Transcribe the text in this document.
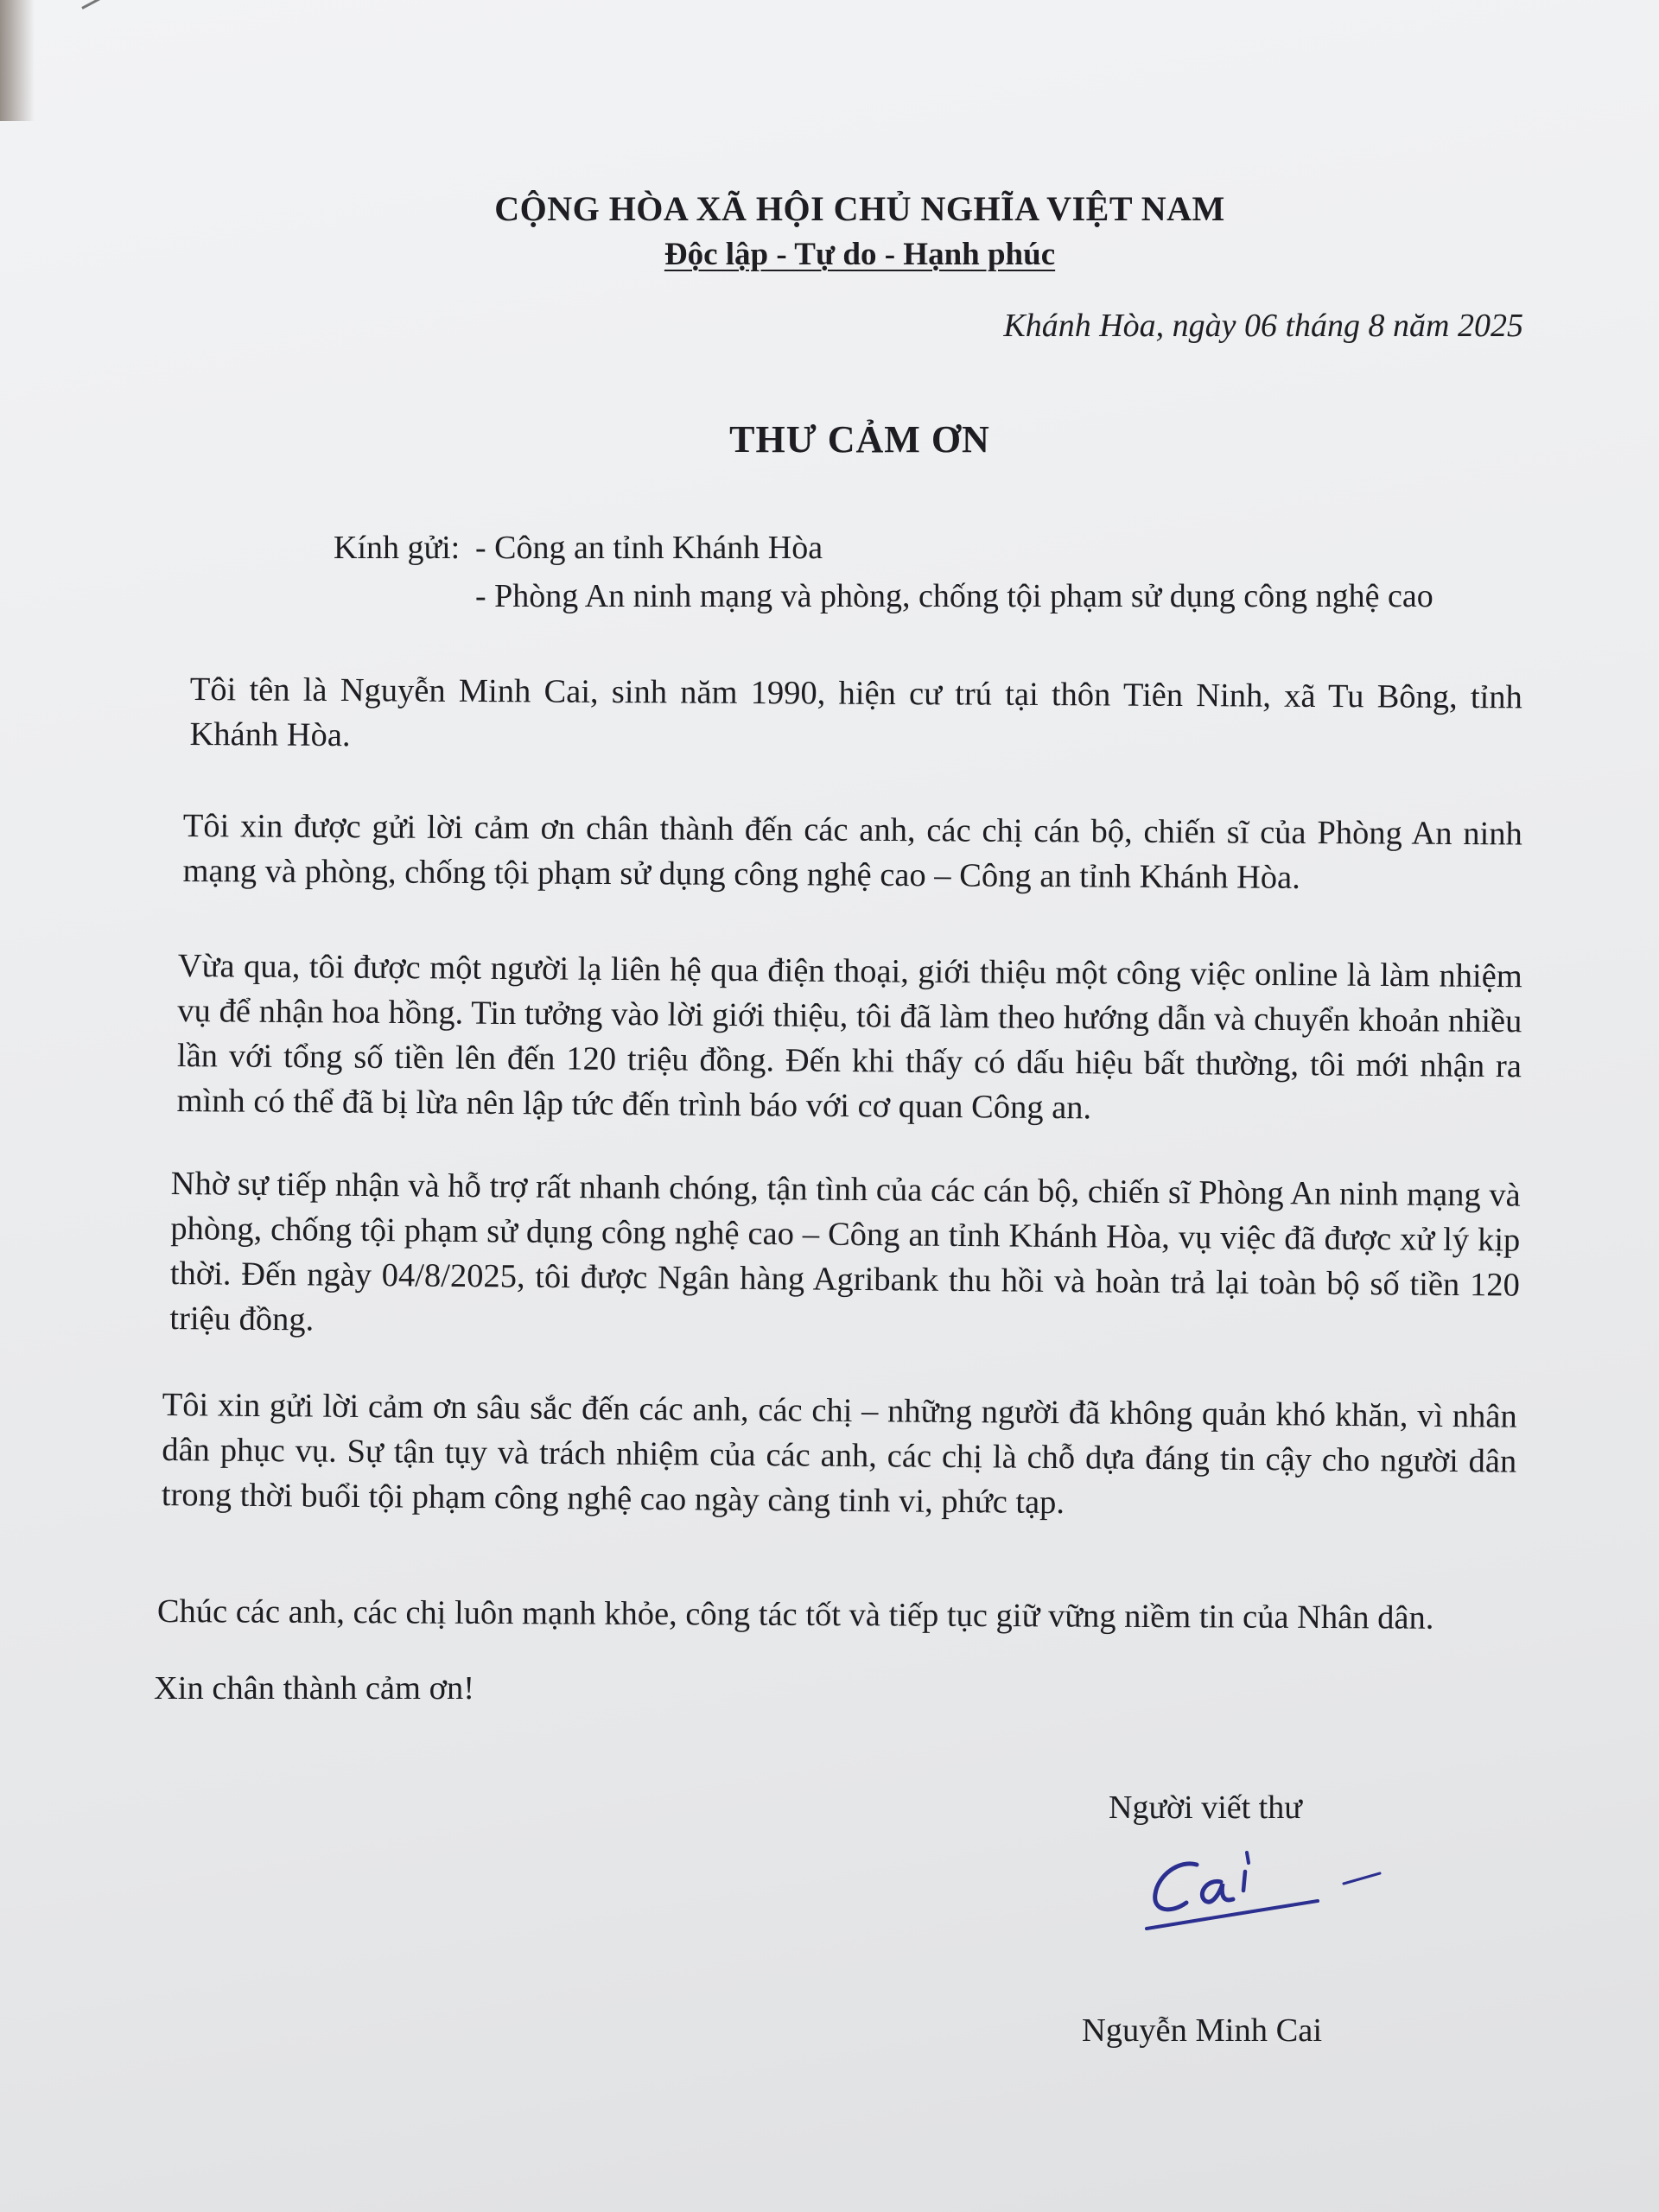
CỘNG HÒA XÃ HỘI CHỦ NGHĨA VIỆT NAM
Độc lập - Tự do - Hạnh phúc
Khánh Hòa, ngày 06 tháng 8 năm 2025
THƯ CẢM ƠN
Kính gửi: - Công an tỉnh Khánh Hòa
- Phòng An ninh mạng và phòng, chống tội phạm sử dụng công nghệ cao
Tôi tên là Nguyễn Minh Cai, sinh năm 1990, hiện cư trú tại thôn Tiên Ninh, xã Tu Bông, tỉnh Khánh Hòa.
Tôi xin được gửi lời cảm ơn chân thành đến các anh, các chị cán bộ, chiến sĩ của Phòng An ninh mạng và phòng, chống tội phạm sử dụng công nghệ cao – Công an tỉnh Khánh Hòa.
Vừa qua, tôi được một người lạ liên hệ qua điện thoại, giới thiệu một công việc online là làm nhiệm vụ để nhận hoa hồng. Tin tưởng vào lời giới thiệu, tôi đã làm theo hướng dẫn và chuyển khoản nhiều lần với tổng số tiền lên đến 120 triệu đồng. Đến khi thấy có dấu hiệu bất thường, tôi mới nhận ra mình có thể đã bị lừa nên lập tức đến trình báo với cơ quan Công an.
Nhờ sự tiếp nhận và hỗ trợ rất nhanh chóng, tận tình của các cán bộ, chiến sĩ Phòng An ninh mạng và phòng, chống tội phạm sử dụng công nghệ cao – Công an tỉnh Khánh Hòa, vụ việc đã được xử lý kịp thời. Đến ngày 04/8/2025, tôi được Ngân hàng Agribank thu hồi và hoàn trả lại toàn bộ số tiền 120 triệu đồng.
Tôi xin gửi lời cảm ơn sâu sắc đến các anh, các chị – những người đã không quản khó khăn, vì nhân dân phục vụ. Sự tận tụy và trách nhiệm của các anh, các chị là chỗ dựa đáng tin cậy cho người dân trong thời buổi tội phạm công nghệ cao ngày càng tinh vi, phức tạp.
Chúc các anh, các chị luôn mạnh khỏe, công tác tốt và tiếp tục giữ vững niềm tin của Nhân dân.
Xin chân thành cảm ơn!
Người viết thư
Nguyễn Minh Cai
